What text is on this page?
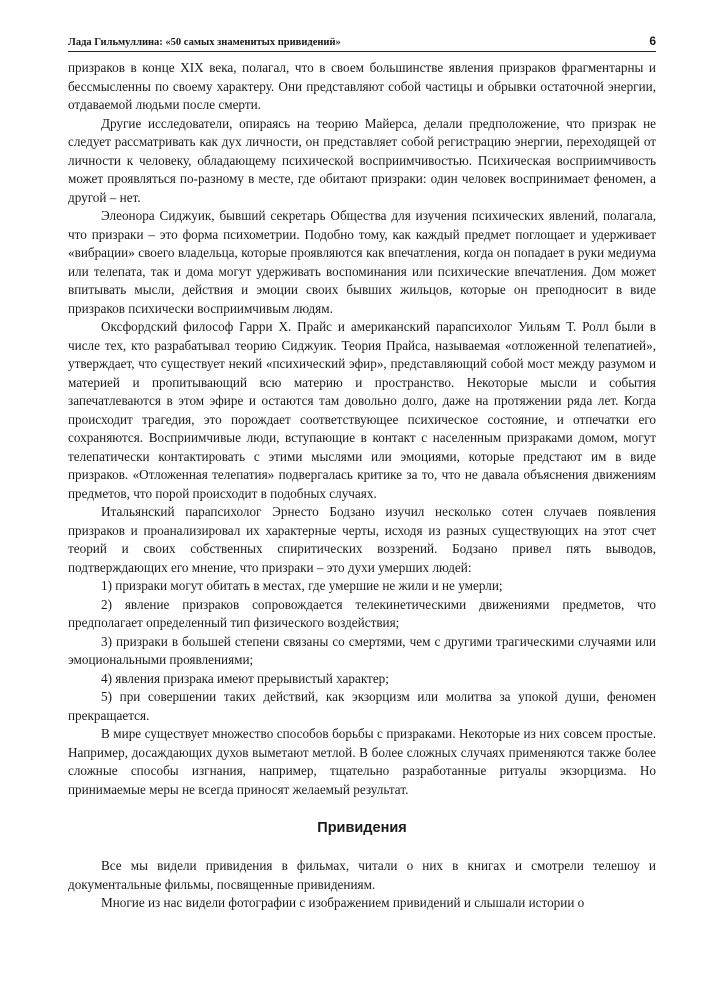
Лада Гильмуллина: «50 самых знаменитых привидений»	6

призраков в конце XIX века, полагал, что в своем большинстве явления призраков фрагментарны и бессмысленны по своему характеру. Они представляют собой частицы и обрывки остаточной энергии, отдаваемой людьми после смерти.

Другие исследователи, опираясь на теорию Майерса, делали предположение, что призрак не следует рассматривать как дух личности, он представляет собой регистрацию энергии, переходящей от личности к человеку, обладающему психической восприимчивостью. Психическая восприимчивость может проявляться по-разному в месте, где обитают призраки: один человек воспринимает феномен, а другой – нет.

Элеонора Сиджуик, бывший секретарь Общества для изучения психических явлений, полагала, что призраки – это форма психометрии. Подобно тому, как каждый предмет поглощает и удерживает «вибрации» своего владельца, которые проявляются как впечатления, когда он попадает в руки медиума или телепата, так и дома могут удерживать воспоминания или психические впечатления. Дом может впитывать мысли, действия и эмоции своих бывших жильцов, которые он преподносит в виде призраков психически восприимчивым людям.

Оксфордский философ Гарри Х. Прайс и американский парапсихолог Уильям Т. Ролл были в числе тех, кто разрабатывал теорию Сиджуик. Теория Прайса, называемая «отложенной телепатией», утверждает, что существует некий «психический эфир», представляющий собой мост между разумом и материей и пропитывающий всю материю и пространство. Некоторые мысли и события запечатлеваются в этом эфире и остаются там довольно долго, даже на протяжении ряда лет. Когда происходит трагедия, это порождает соответствующее психическое состояние, и отпечатки его сохраняются. Восприимчивые люди, вступающие в контакт с населенным призраками домом, могут телепатически контактировать с этими мыслями или эмоциями, которые предстают им в виде призраков. «Отложенная телепатия» подвергалась критике за то, что не давала объяснения движениям предметов, что порой происходит в подобных случаях.

Итальянский парапсихолог Эрнесто Бодзано изучил несколько сотен случаев появления призраков и проанализировал их характерные черты, исходя из разных существующих на этот счет теорий и своих собственных спиритических воззрений. Бодзано привел пять выводов, подтверждающих его мнение, что призраки – это духи умерших людей:

1) призраки могут обитать в местах, где умершие не жили и не умерли;

2) явление призраков сопровождается телекинетическими движениями предметов, что предполагает определенный тип физического воздействия;

3) призраки в большей степени связаны со смертями, чем с другими трагическими случаями или эмоциональными проявлениями;

4) явления призрака имеют прерывистый характер;

5) при совершении таких действий, как экзорцизм или молитва за упокой души, феномен прекращается.

В мире существует множество способов борьбы с призраками. Некоторые из них совсем простые. Например, досаждающих духов выметают метлой. В более сложных случаях применяются также более сложные способы изгнания, например, тщательно разработанные ритуалы экзорцизма. Но принимаемые меры не всегда приносят желаемый результат.

Привидения

Все мы видели привидения в фильмах, читали о них в книгах и смотрели телешоу и документальные фильмы, посвященные привидениям.

Многие из нас видели фотографии с изображением привидений и слышали истории о
